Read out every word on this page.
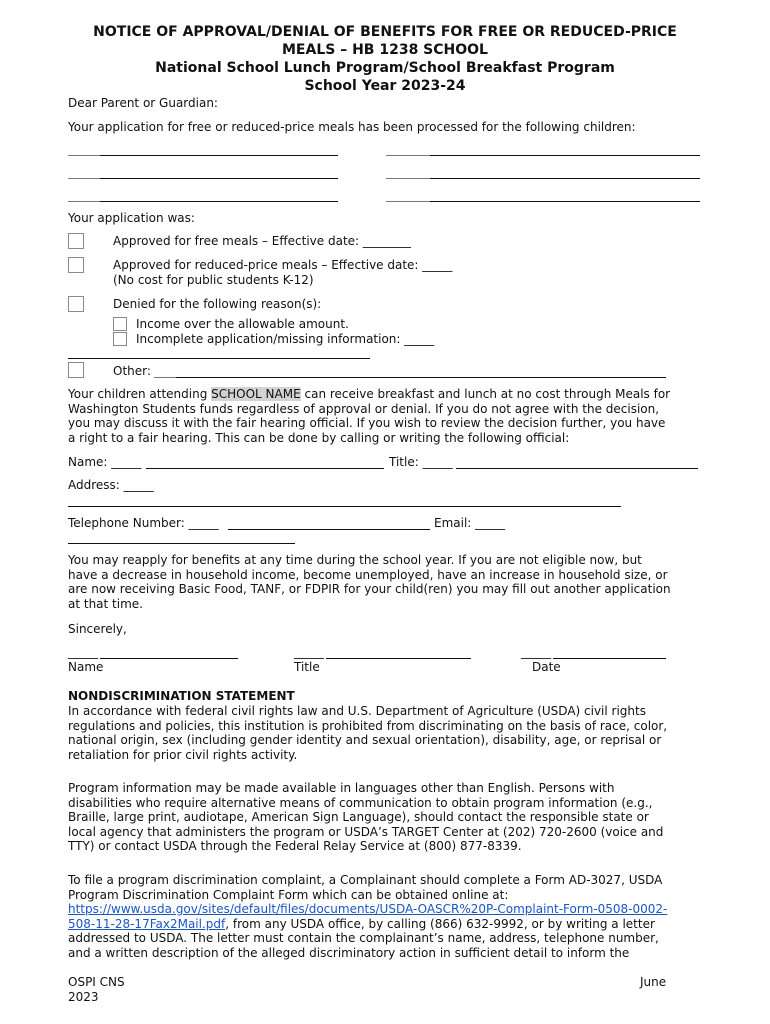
NOTICE OF APPROVAL/DENIAL OF BENEFITS FOR FREE OR REDUCED-PRICE
MEALS – HB 1238 SCHOOL
National School Lunch Program/School Breakfast Program
School Year 2023-24
Dear Parent or Guardian:
Your application for free or reduced-price meals has been processed for the following children:
Your application was:
Approved for free meals – Effective date: ________
Approved for reduced-price meals – Effective date: _____
(No cost for public students K-12)
Denied for the following reason(s):
Income over the allowable amount.
Incomplete application/missing information: _____
Other:
Your children attending SCHOOL NAME can receive breakfast and lunch at no cost through Meals for
Washington Students funds regardless of approval or denial. If you do not agree with the decision,
you may discuss it with the fair hearing official. If you wish to review the decision further, you have
a right to a fair hearing. This can be done by calling or writing the following official:
Name: _____	Title: _____
Address: _____
Telephone Number: _____	Email: _____
You may reapply for benefits at any time during the school year. If you are not eligible now, but
have a decrease in household income, become unemployed, have an increase in household size, or
are now receiving Basic Food, TANF, or FDPIR for your child(ren) you may fill out another application
at that time.
Sincerely,
_____	_____	_____
Name	Title	Date
NONDISCRIMINATION STATEMENT
In accordance with federal civil rights law and U.S. Department of Agriculture (USDA) civil rights
regulations and policies, this institution is prohibited from discriminating on the basis of race, color,
national origin, sex (including gender identity and sexual orientation), disability, age, or reprisal or
retaliation for prior civil rights activity.
Program information may be made available in languages other than English. Persons with
disabilities who require alternative means of communication to obtain program information (e.g.,
Braille, large print, audiotape, American Sign Language), should contact the responsible state or
local agency that administers the program or USDA’s TARGET Center at (202) 720-2600 (voice and
TTY) or contact USDA through the Federal Relay Service at (800) 877-8339.
To file a program discrimination complaint, a Complainant should complete a Form AD-3027, USDA
Program Discrimination Complaint Form which can be obtained online at:
https://www.usda.gov/sites/default/files/documents/USDA-OASCR%20P-Complaint-Form-0508-0002-
508-11-28-17Fax2Mail.pdf, from any USDA office, by calling (866) 632-9992, or by writing a letter
addressed to USDA. The letter must contain the complainant’s name, address, telephone number,
and a written description of the alleged discriminatory action in sufficient detail to inform the
OSPI CNS
2023
June
